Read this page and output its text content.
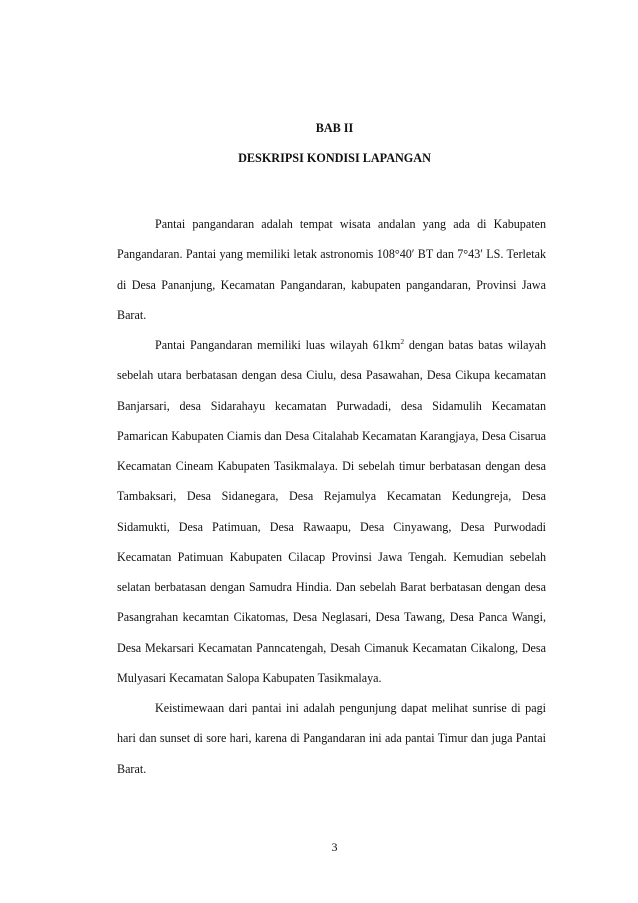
BAB II
DESKRIPSI KONDISI LAPANGAN

Pantai pangandaran adalah tempat wisata andalan yang ada di Kabupaten Pangandaran. Pantai yang memiliki letak astronomis 108°40′ BT dan 7°43′ LS. Terletak di Desa Pananjung, Kecamatan Pangandaran, kabupaten pangandaran, Provinsi Jawa Barat.

Pantai Pangandaran memiliki luas wilayah $61km^2$ dengan batas batas wilayah sebelah utara berbatasan dengan desa Ciulu, desa Pasawahan, Desa Cikupa kecamatan Banjarsari, desa Sidarahayu kecamatan Purwadadi, desa Sidamulih Kecamatan Pamarican Kabupaten Ciamis dan Desa Citalahab Kecamatan Karangjaya, Desa Cisarua Kecamatan Cineam Kabupaten Tasikmalaya. Di sebelah timur berbatasan dengan desa Tambaksari, Desa Sidanegara, Desa Rejamulya Kecamatan Kedungreja, Desa Sidamukti, Desa Patimuan, Desa Rawaapu, Desa Cinyawang, Desa Purwodadi Kecamatan Patimuan Kabupaten Cilacap Provinsi Jawa Tengah. Kemudian sebelah selatan berbatasan dengan Samudra Hindia. Dan sebelah Barat berbatasan dengan desa Pasangrahan kecamtan Cikatomas, Desa Neglasari, Desa Tawang, Desa Panca Wangi, Desa Mekarsari Kecamatan Panncatengah, Desah Cimanuk Kecamatan Cikalong, Desa Mulyasari Kecamatan Salopa Kabupaten Tasikmalaya.

Keistimewaan dari pantai ini adalah pengunjung dapat melihat sunrise di pagi hari dan sunset di sore hari, karena di Pangandaran ini ada pantai Timur dan juga Pantai Barat.

3
